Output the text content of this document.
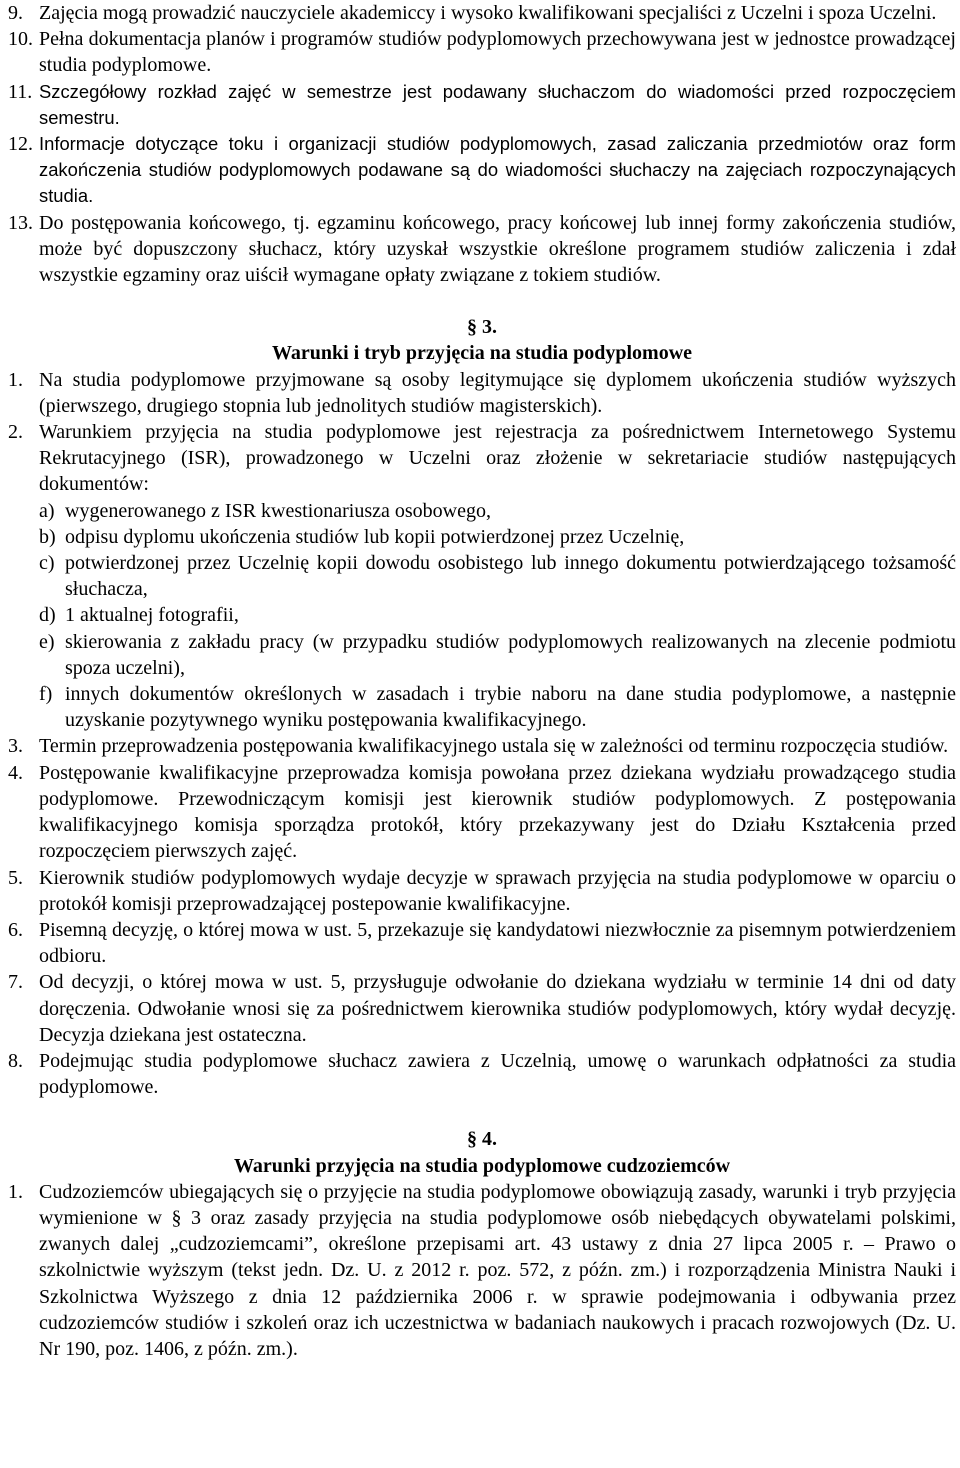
9. Zajęcia mogą prowadzić nauczyciele akademiccy i wysoko kwalifikowani specjaliści z Uczelni i spoza Uczelni.
10. Pełna dokumentacja planów i programów studiów podyplomowych przechowywana jest w jednostce prowadzącej studia podyplomowe.
11. Szczegółowy rozkład zajęć w semestrze jest podawany słuchaczom do wiadomości przed rozpoczęciem semestru.
12. Informacje dotyczące toku i organizacji studiów podyplomowych, zasad zaliczania przedmiotów oraz form zakończenia studiów podyplomowych podawane są do wiadomości słuchaczy na zajęciach rozpoczynających studia.
13. Do postępowania końcowego, tj. egzaminu końcowego, pracy końcowej lub innej formy zakończenia studiów, może być dopuszczony słuchacz, który uzyskał wszystkie określone programem studiów zaliczenia i zdał wszystkie egzaminy oraz uiścił wymagane opłaty związane z tokiem studiów.
§ 3.
Warunki i tryb przyjęcia na studia podyplomowe
1. Na studia podyplomowe przyjmowane są osoby legitymujące się dyplomem ukończenia studiów wyższych (pierwszego, drugiego stopnia lub jednolitych studiów magisterskich).
2. Warunkiem przyjęcia na studia podyplomowe jest rejestracja za pośrednictwem Internetowego Systemu Rekrutacyjnego (ISR), prowadzonego w Uczelni oraz złożenie w sekretariacie studiów następujących dokumentów:
a) wygenerowanego z ISR kwestionariusza osobowego,
b) odpisu dyplomu ukończenia studiów lub kopii potwierdzonej przez Uczelnię,
c) potwierdzonej przez Uczelnię kopii dowodu osobistego lub innego dokumentu potwierdzającego tożsamość słuchacza,
d) 1 aktualnej fotografii,
e) skierowania z zakładu pracy (w przypadku studiów podyplomowych realizowanych na zlecenie podmiotu spoza uczelni),
f) innych dokumentów określonych w zasadach i trybie naboru na dane studia podyplomowe, a następnie uzyskanie pozytywnego wyniku postępowania kwalifikacyjnego.
3. Termin przeprowadzenia postępowania kwalifikacyjnego ustala się w zależności od terminu rozpoczęcia studiów.
4. Postępowanie kwalifikacyjne przeprowadza komisja powołana przez dziekana wydziału prowadzącego studia podyplomowe. Przewodniczącym komisji jest kierownik studiów podyplomowych. Z postępowania kwalifikacyjnego komisja sporządza protokół, który przekazywany jest do Działu Kształcenia przed rozpoczęciem pierwszych zajęć.
5. Kierownik studiów podyplomowych wydaje decyzje w sprawach przyjęcia na studia podyplomowe w oparciu o protokół komisji przeprowadzającej postepowanie kwalifikacyjne.
6. Pisemną decyzję, o której mowa w ust. 5, przekazuje się kandydatowi niezwłocznie za pisemnym potwierdzeniem odbioru.
7. Od decyzji, o której mowa w ust. 5, przysługuje odwołanie do dziekana wydziału w terminie 14 dni od daty doręczenia. Odwołanie wnosi się za pośrednictwem kierownika studiów podyplomowych, który wydał decyzję. Decyzja dziekana jest ostateczna.
8. Podejmując studia podyplomowe słuchacz zawiera z Uczelnią, umowę o warunkach odpłatności za studia podyplomowe.
§ 4.
Warunki przyjęcia na studia podyplomowe cudzoziemców
1. Cudzoziemców ubiegających się o przyjęcie na studia podyplomowe obowiązują zasady, warunki i tryb przyjęcia wymienione w § 3 oraz zasady przyjęcia na studia podyplomowe osób niebędących obywatelami polskimi, zwanych dalej „cudzoziemcami”, określone przepisami art. 43 ustawy z dnia 27 lipca 2005 r. – Prawo o szkolnictwie wyższym (tekst jedn. Dz. U. z 2012 r. poz. 572, z późn. zm.) i rozporządzenia Ministra Nauki i Szkolnictwa Wyższego z dnia 12 października 2006 r. w sprawie podejmowania i odbywania przez cudzoziemców studiów i szkoleń oraz ich uczestnictwa w badaniach naukowych i pracach rozwojowych (Dz. U. Nr 190, poz. 1406, z późn. zm.).
